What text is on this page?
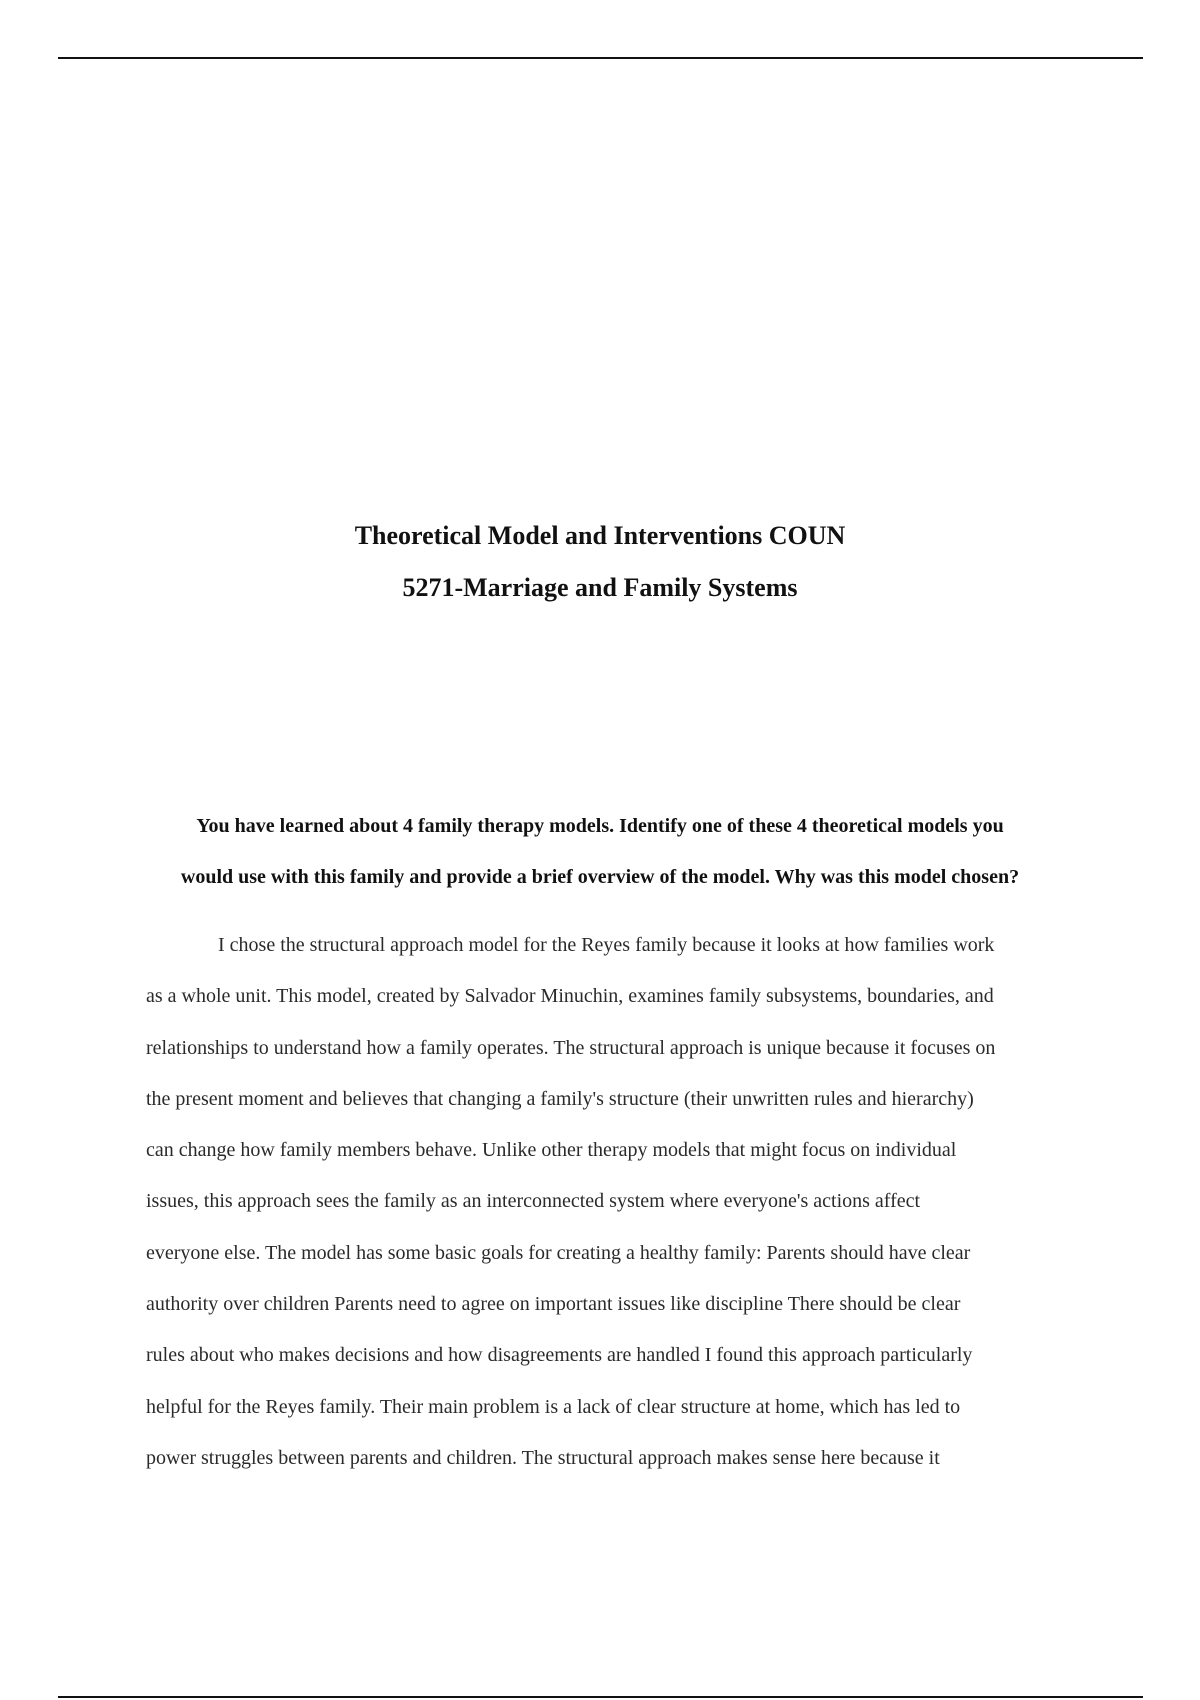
Theoretical Model and Interventions COUN
5271-Marriage and Family Systems
You have learned about 4 family therapy models. Identify one of these 4 theoretical models you
would use with this family and provide a brief overview of the model. Why was this model chosen?
I chose the structural approach model for the Reyes family because it looks at how families work
as a whole unit. This model, created by Salvador Minuchin, examines family subsystems, boundaries, and
relationships to understand how a family operates. The structural approach is unique because it focuses on
the present moment and believes that changing a family's structure (their unwritten rules and hierarchy)
can change how family members behave. Unlike other therapy models that might focus on individual
issues, this approach sees the family as an interconnected system where everyone's actions affect
everyone else. The model has some basic goals for creating a healthy family: Parents should have clear
authority over children Parents need to agree on important issues like discipline There should be clear
rules about who makes decisions and how disagreements are handled I found this approach particularly
helpful for the Reyes family. Their main problem is a lack of clear structure at home, which has led to
power struggles between parents and children. The structural approach makes sense here because it
